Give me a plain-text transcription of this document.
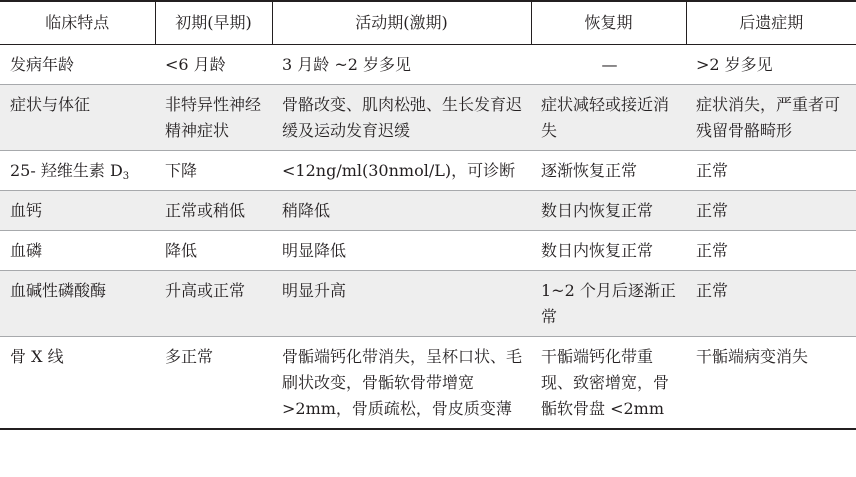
临床特点	初期(早期)	活动期(激期)	恢复期	后遗症期
发病年龄	<6 月龄	3 月龄 ~2 岁多见	—	>2 岁多见
症状与体征	非特异性神经精神症状	骨骼改变、肌肉松弛、生长发育迟缓及运动发育迟缓	症状减轻或接近消失	症状消失，严重者可残留骨骼畸形
25- 羟维生素 $D_3$	下降	<12ng/ml(30nmol/L)，可诊断	逐渐恢复正常	正常
血钙	正常或稍低	稍降低	数日内恢复正常	正常
血磷	降低	明显降低	数日内恢复正常	正常
血碱性磷酸酶	升高或正常	明显升高	1~2 个月后逐渐正常	正常
骨 X 线	多正常	骨骺端钙化带消失，呈杯口状、毛刷状改变，骨骺软骨带增宽 >2mm，骨质疏松，骨皮质变薄	干骺端钙化带重现、致密增宽，骨骺软骨盘 <2mm	干骺端病变消失
